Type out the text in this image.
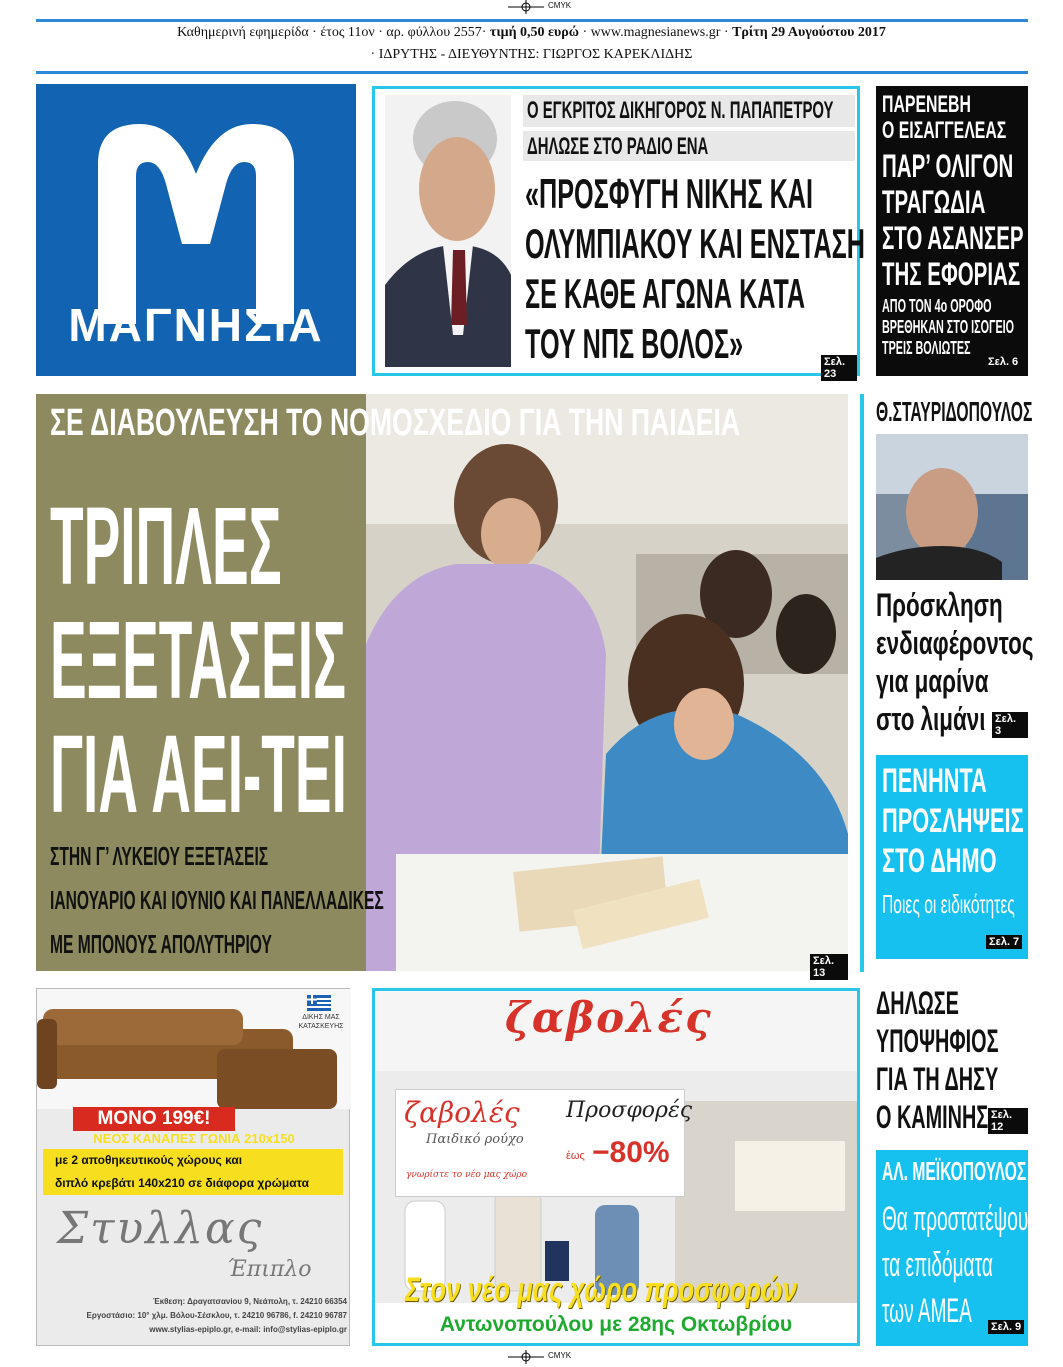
CMYK
Καθημερινή εφημερίδα · έτος 11ον · αρ. φύλλου 2557· τιμή 0,50 ευρώ · www.magnesianews.gr · Τρίτη 29 Αυγούστου 2017
· ΙΔΡΥΤΗΣ - ΔΙΕΥΘΥΝΤΗΣ: ΓΙΩΡΓΟΣ ΚΑΡΕΚΛΙΔΗΣ
ΜΑΓΝΗΣΙΑ
Ο ΕΓΚΡΙΤΟΣ ΔΙΚΗΓΟΡΟΣ Ν. ΠΑΠΑΠΕΤΡΟΥ
ΔΗΛΩΣΕ ΣΤΟ ΡΑΔΙΟ ΕΝΑ
«ΠΡΟΣΦΥΓΗ ΝΙΚΗΣ ΚΑΙ
ΟΛΥΜΠΙΑΚΟΥ ΚΑΙ ΕΝΣΤΑΣΗ
ΣΕ ΚΑΘΕ ΑΓΩΝΑ ΚΑΤΑ
ΤΟΥ ΝΠΣ ΒΟΛΟΣ»	Σελ. 23
ΠΑΡΕΝΕΒΗ
Ο ΕΙΣΑΓΓΕΛΕΑΣ
ΠΑΡ’ ΟΛΙΓΟΝ
ΤΡΑΓΩΔΙΑ
ΣΤΟ ΑΣΑΝΣΕΡ
ΤΗΣ ΕΦΟΡΙΑΣ
ΑΠΟ ΤΟΝ 4ο ΟΡΟΦΟ
ΒΡΕΘΗΚΑΝ ΣΤΟ ΙΣΟΓΕΙΟ
ΤΡΕΙΣ ΒΟΛΙΩΤΕΣ
Σελ. 6
ΣΕ ΔΙΑΒΟΥΛΕΥΣΗ ΤΟ ΝΟΜΟΣΧΕΔΙΟ ΓΙΑ ΤΗΝ ΠΑΙΔΕΙΑ
ΤΡΙΠΛΕΣ
ΕΞΕΤΑΣΕΙΣ
ΓΙΑ ΑΕΙ-ΤΕΙ
ΣΤΗΝ Γ’ ΛΥΚΕΙΟΥ ΕΞΕΤΑΣΕΙΣ
ΙΑΝΟΥΑΡΙΟ ΚΑΙ ΙΟΥΝΙΟ ΚΑΙ ΠΑΝΕΛΛΑΔΙΚΕΣ
ΜΕ ΜΠΟΝΟΥΣ ΑΠΟΛΥΤΗΡΙΟΥ
Σελ. 13
Θ.ΣΤΑΥΡΙΔΟΠΟΥΛΟΣ
Πρόσκληση
ενδιαφέροντος
για μαρίνα
στο λιμάνι Σελ. 3
ΠΕΝΗΝΤΑ
ΠΡΟΣΛΗΨΕΙΣ
ΣΤΟ ΔΗΜΟ
Ποιες οι ειδικότητες
Σελ. 7
ΔΗΛΩΣΕ
ΥΠΟΨΗΦΙΟΣ
ΓΙΑ ΤΗ ΔΗΣΥ
Ο ΚΑΜΙΝΗΣ Σελ. 12
ΑΛ. ΜΕΪΚΟΠΟΥΛΟΣ
Θα προστατέψουμε
τα επιδόματα
των ΑΜΕΑ	Σελ. 9
ΔΙΚΗΣ ΜΑΣ
ΚΑΤΑΣΚΕΥΗΣ
ΜΟΝΟ 199€!
ΝΕΟΣ ΚΑΝΑΠΕΣ ΓΩΝΙΑ 210x150
με 2 αποθηκευτικούς χώρους και
διπλό κρεβάτι 140x210 σε διάφορα χρώματα
Στυλλας
Έπιπλο
Έκθεση: Δραγατσανίου 9, Νεάπολη, τ. 24210 66354
Εργοστάσιο: 10° χλμ. Βόλου-Σέσκλου, τ. 24210 96786, f. 24210 96787
www.stylias-epiplo.gr, e-mail: info@stylias-epiplo.gr
ζαβολές
ζαβολές
Παιδικό ρούχο
γνωρίστε το νέο μας χώρο
Προσφορές
έως −80%
Στον νέο μας χώρο προσφορών
Αντωνοπούλου με 28ης Οκτωβρίου
CMYK
